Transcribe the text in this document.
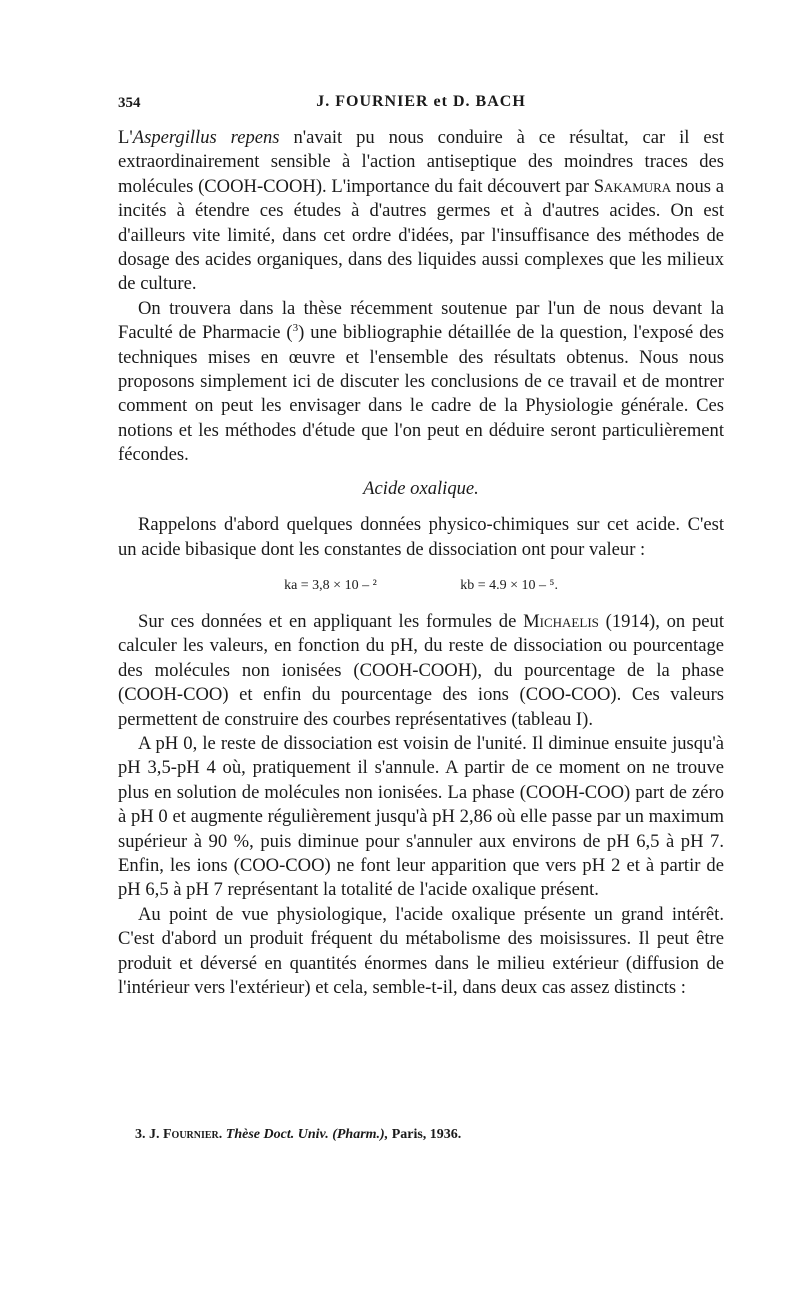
354	J. FOURNIER et D. BACH

L'Aspergillus repens n'avait pu nous conduire à ce résultat, car il est extraordinairement sensible à l'action antiseptique des moindres traces des molécules (COOH-COOH). L'importance du fait découvert par Sakamura nous a incités à étendre ces études à d'autres germes et à d'autres acides. On est d'ailleurs vite limité, dans cet ordre d'idées, par l'insuffisance des méthodes de dosage des acides organiques, dans des liquides aussi complexes que les milieux de culture.

On trouvera dans la thèse récemment soutenue par l'un de nous devant la Faculté de Pharmacie ($^3$) une bibliographie détaillée de la question, l'exposé des techniques mises en œuvre et l'ensemble des résultats obtenus. Nous nous proposons simplement ici de discuter les conclusions de ce travail et de montrer comment on peut les envisager dans le cadre de la Physiologie générale. Ces notions et les méthodes d'étude que l'on peut en déduire seront particulièrement fécondes.

Acide oxalique.

Rappelons d'abord quelques données physico-chimiques sur cet acide. C'est un acide bibasique dont les constantes de dissociation ont pour valeur :

ka = 3,8 × 10 – ²	kb = 4.9 × 10 – ⁵.

Sur ces données et en appliquant les formules de Michaelis (1914), on peut calculer les valeurs, en fonction du pH, du reste de dissociation ou pourcentage des molécules non ionisées (COOH-COOH), du pourcentage de la phase (COOH-COO) et enfin du pourcentage des ions (COO-COO). Ces valeurs permettent de construire des courbes représentatives (tableau I).

A pH 0, le reste de dissociation est voisin de l'unité. Il diminue ensuite jusqu'à pH 3,5-pH 4 où, pratiquement il s'annule. A partir de ce moment on ne trouve plus en solution de molécules non ionisées. La phase (COOH-COO) part de zéro à pH 0 et augmente régulièrement jusqu'à pH 2,86 où elle passe par un maximum supérieur à 90 %, puis diminue pour s'annuler aux environs de pH 6,5 à pH 7. Enfin, les ions (COO-COO) ne font leur apparition que vers pH 2 et à partir de pH 6,5 à pH 7 représentant la totalité de l'acide oxalique présent.

Au point de vue physiologique, l'acide oxalique présente un grand intérêt. C'est d'abord un produit fréquent du métabolisme des moisissures. Il peut être produit et déversé en quantités énormes dans le milieu extérieur (diffusion de l'intérieur vers l'extérieur) et cela, semble-t-il, dans deux cas assez distincts :

3. J. Fournier. Thèse Doct. Univ. (Pharm.), Paris, 1936.
